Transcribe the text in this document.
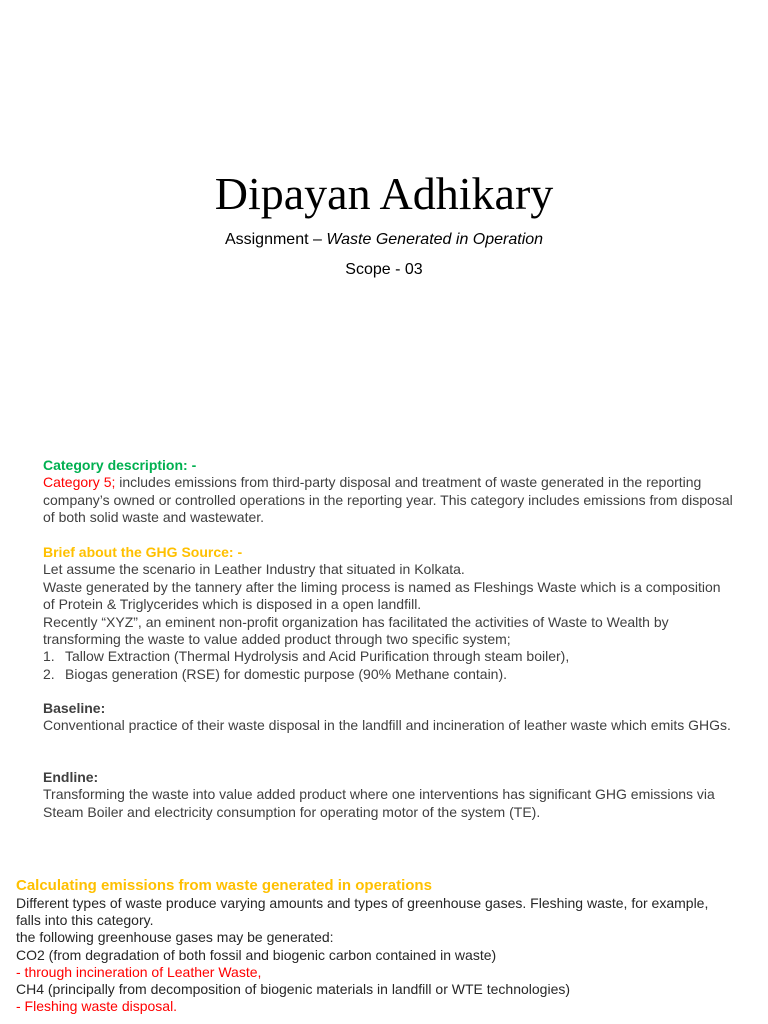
Dipayan Adhikary
Assignment – Waste Generated in Operation
Scope - 03
Category description: -
Category 5; includes emissions from third-party disposal and treatment of waste generated in the reporting company’s owned or controlled operations in the reporting year. This category includes emissions from disposal of both solid waste and wastewater.
Brief about the GHG Source: -
Let assume the scenario in Leather Industry that situated in Kolkata.
Waste generated by the tannery after the liming process is named as Fleshings Waste which is a composition of Protein & Triglycerides which is disposed in a open landfill.
Recently “XYZ”, an eminent non-profit organization has facilitated the activities of Waste to Wealth by transforming the waste to value added product through two specific system;
1. Tallow Extraction (Thermal Hydrolysis and Acid Purification through steam boiler),
2. Biogas generation (RSE) for domestic purpose (90% Methane contain).
Baseline:
Conventional practice of their waste disposal in the landfill and incineration of leather waste which emits GHGs.
Endline:
Transforming the waste into value added product where one interventions has significant GHG emissions via Steam Boiler and electricity consumption for operating motor of the system (TE).
Calculating emissions from waste generated in operations
Different types of waste produce varying amounts and types of greenhouse gases. Fleshing waste, for example, falls into this category.
the following greenhouse gases may be generated:
CO2 (from degradation of both fossil and biogenic carbon contained in waste)
- through incineration of Leather Waste,
CH4 (principally from decomposition of biogenic materials in landfill or WTE technologies)
- Fleshing waste disposal.
